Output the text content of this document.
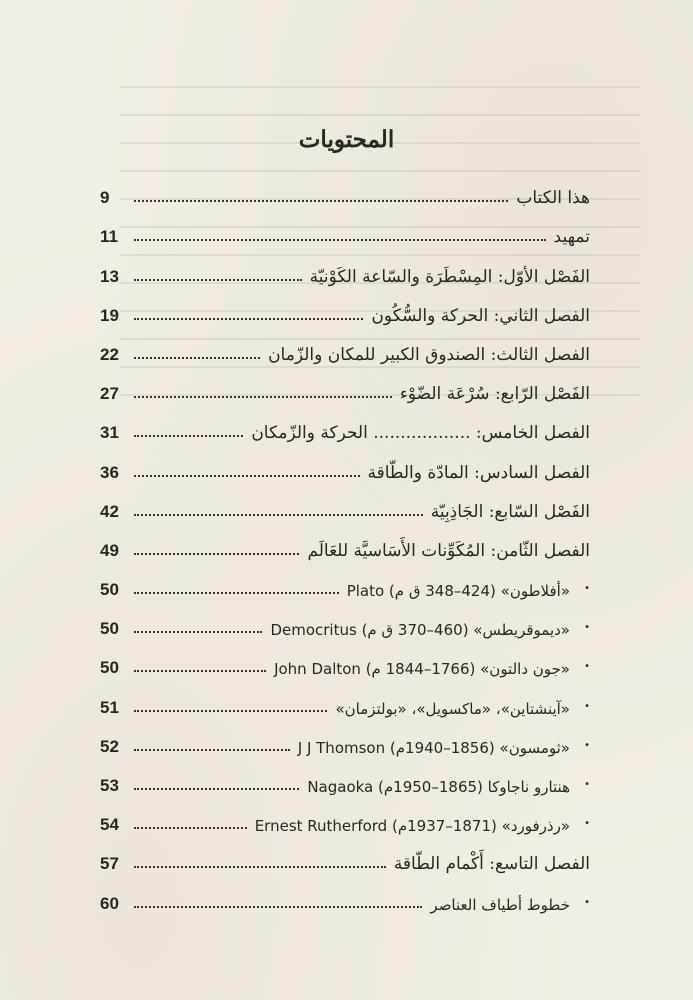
المحتويات
9	هذا الكتاب
11	تمهيد
13	الفَصْل الأوّل: المِسْطَرَة والسّاعة الكَوْنيّة
19	الفصل الثاني: الحركة والسُّكُون
22	الفصل الثالث: الصندوق الكبير للمكان والزّمان
27	الفَصْل الرّابع: سُرْعَة الضّوْء
31	الفصل الخامس: .................. الحركة والزّمكان
36	الفصل السادس: المادّة والطّاقة
42	الفَصْل السّابع: الجَاذِبِيّة
49	الفصل الثّامن: المُكَوِّنات الأَسَاسيَّة للعَالَم
50	«أفلاطون» (424–348 ق م) Plato •
50	«ديموقريطس» (460–370 ق م) Democritus •
50	«جون دالتون» (1766–1844 م) John Dalton •
51	«آينشتاين»، «ماكسويل»، «بولتزمان» •
52	«ثومسون» (1856–1940م) J J Thomson •
53	هنتارو ناجاوكا (1865–1950م) Nagaoka •
54	«رذرفورد» (1871–1937م) Ernest Rutherford •
57	الفصل التاسع: أَكْمام الطّاقة
60	خطوط أطياف العناصر •
